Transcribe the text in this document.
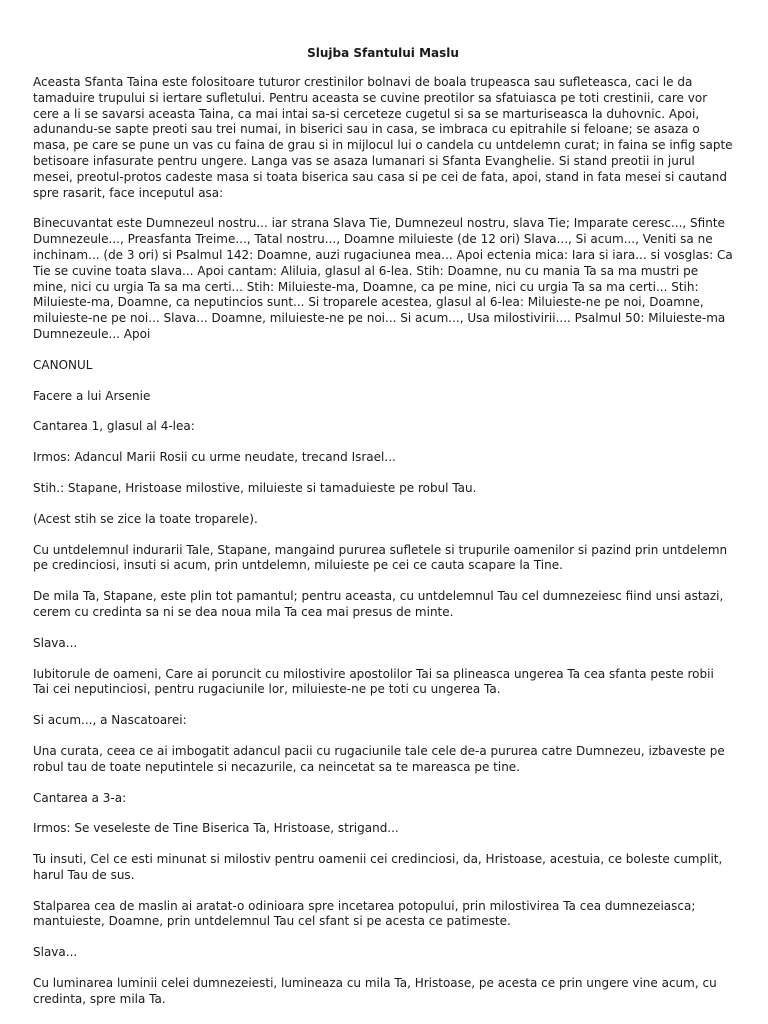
Slujba Sfantului Maslu

Aceasta Sfanta Taina este folositoare tuturor crestinilor bolnavi de boala trupeasca sau sufleteasca, caci le da tamaduire trupului si iertare sufletului. Pentru aceasta se cuvine preotilor sa sfatuiasca pe toti crestinii, care vor cere a li se savarsi aceasta Taina, ca mai intai sa-si cerceteze cugetul si sa se marturiseasca la duhovnic. Apoi, adunandu-se sapte preoti sau trei numai, in biserici sau in casa, se imbraca cu epitrahile si feloane; se asaza o masa, pe care se pune un vas cu faina de grau si in mijlocul lui o candela cu untdelemn curat; in faina se infig sapte betisoare infasurate pentru ungere. Langa vas se asaza lumanari si Sfanta Evanghelie. Si stand preotii in jurul mesei, preotul-protos cadeste masa si toata biserica sau casa si pe cei de fata, apoi, stand in fata mesei si cautand spre rasarit, face inceputul asa:

Binecuvantat este Dumnezeul nostru... iar strana Slava Tie, Dumnezeul nostru, slava Tie; Imparate ceresc..., Sfinte Dumnezeule..., Preasfanta Treime..., Tatal nostru..., Doamne miluieste (de 12 ori) Slava..., Si acum..., Veniti sa ne inchinam... (de 3 ori) si Psalmul 142: Doamne, auzi rugaciunea mea... Apoi ectenia mica: Iara si iara... si vosglas: Ca Tie se cuvine toata slava... Apoi cantam: Aliluia, glasul al 6-lea. Stih: Doamne, nu cu mania Ta sa ma mustri pe mine, nici cu urgia Ta sa ma certi... Stih: Miluieste-ma, Doamne, ca pe mine, nici cu urgia Ta sa ma certi... Stih: Miluieste-ma, Doamne, ca neputincios sunt... Si troparele acestea, glasul al 6-lea: Miluieste-ne pe noi, Doamne, miluieste-ne pe noi... Slava... Doamne, miluieste-ne pe noi... Si acum..., Usa milostivirii.... Psalmul 50: Miluieste-ma Dumnezeule... Apoi

CANONUL

Facere a lui Arsenie

Cantarea 1, glasul al 4-lea:

Irmos: Adancul Marii Rosii cu urme neudate, trecand Israel...

Stih.: Stapane, Hristoase milostive, miluieste si tamaduieste pe robul Tau.

(Acest stih se zice la toate troparele).

Cu untdelemnul indurarii Tale, Stapane, mangaind pururea sufletele si trupurile oamenilor si pazind prin untdelemn pe credinciosi, insuti si acum, prin untdelemn, miluieste pe cei ce cauta scapare la Tine.

De mila Ta, Stapane, este plin tot pamantul; pentru aceasta, cu untdelemnul Tau cel dumnezeiesc fiind unsi astazi, cerem cu credinta sa ni se dea noua mila Ta cea mai presus de minte.

Slava...

Iubitorule de oameni, Care ai poruncit cu milostivire apostolilor Tai sa plineasca ungerea Ta cea sfanta peste robii Tai cei neputinciosi, pentru rugaciunile lor, miluieste-ne pe toti cu ungerea Ta.

Si acum..., a Nascatoarei:

Una curata, ceea ce ai imbogatit adancul pacii cu rugaciunile tale cele de-a pururea catre Dumnezeu, izbaveste pe robul tau de toate neputintele si necazurile, ca neincetat sa te mareasca pe tine.

Cantarea a 3-a:

Irmos: Se veseleste de Tine Biserica Ta, Hristoase, strigand...

Tu insuti, Cel ce esti minunat si milostiv pentru oamenii cei credinciosi, da, Hristoase, acestuia, ce boleste cumplit, harul Tau de sus.

Stalparea cea de maslin ai aratat-o odinioara spre incetarea potopului, prin milostivirea Ta cea dumnezeiasca; mantuieste, Doamne, prin untdelemnul Tau cel sfant si pe acesta ce patimeste.

Slava...

Cu luminarea luminii celei dumnezeiesti, lumineaza cu mila Ta, Hristoase, pe acesta ce prin ungere vine acum, cu credinta, spre mila Ta.
